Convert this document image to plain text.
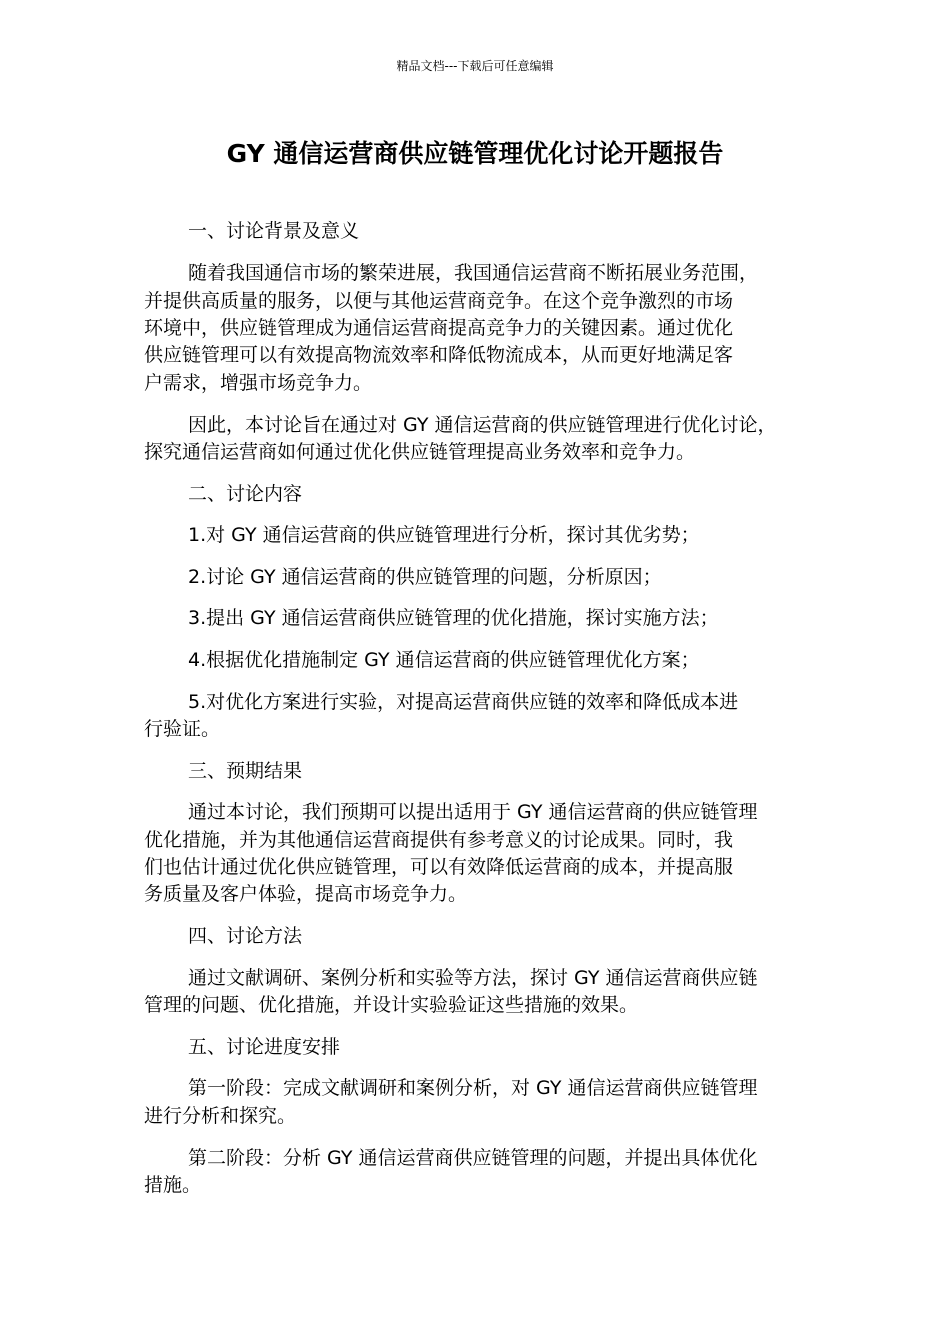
精品文档---下载后可任意编辑
GY 通信运营商供应链管理优化讨论开题报告
一、讨论背景及意义
随着我国通信市场的繁荣进展，我国通信运营商不断拓展业务范围，
并提供高质量的服务，以便与其他运营商竞争。在这个竞争激烈的市场
环境中，供应链管理成为通信运营商提高竞争力的关键因素。通过优化
供应链管理可以有效提高物流效率和降低物流成本，从而更好地满足客
户需求，增强市场竞争力。
因此，本讨论旨在通过对 GY 通信运营商的供应链管理进行优化讨论，
探究通信运营商如何通过优化供应链管理提高业务效率和竞争力。
二、讨论内容
1.对 GY 通信运营商的供应链管理进行分析，探讨其优劣势；
2.讨论 GY 通信运营商的供应链管理的问题，分析原因；
3.提出 GY 通信运营商供应链管理的优化措施，探讨实施方法；
4.根据优化措施制定 GY 通信运营商的供应链管理优化方案；
5.对优化方案进行实验，对提高运营商供应链的效率和降低成本进
行验证。
三、预期结果
通过本讨论，我们预期可以提出适用于 GY 通信运营商的供应链管理
优化措施，并为其他通信运营商提供有参考意义的讨论成果。同时，我
们也估计通过优化供应链管理，可以有效降低运营商的成本，并提高服
务质量及客户体验，提高市场竞争力。
四、讨论方法
通过文献调研、案例分析和实验等方法，探讨 GY 通信运营商供应链
管理的问题、优化措施，并设计实验验证这些措施的效果。
五、讨论进度安排
第一阶段：完成文献调研和案例分析，对 GY 通信运营商供应链管理
进行分析和探究。
第二阶段：分析 GY 通信运营商供应链管理的问题，并提出具体优化
措施。
